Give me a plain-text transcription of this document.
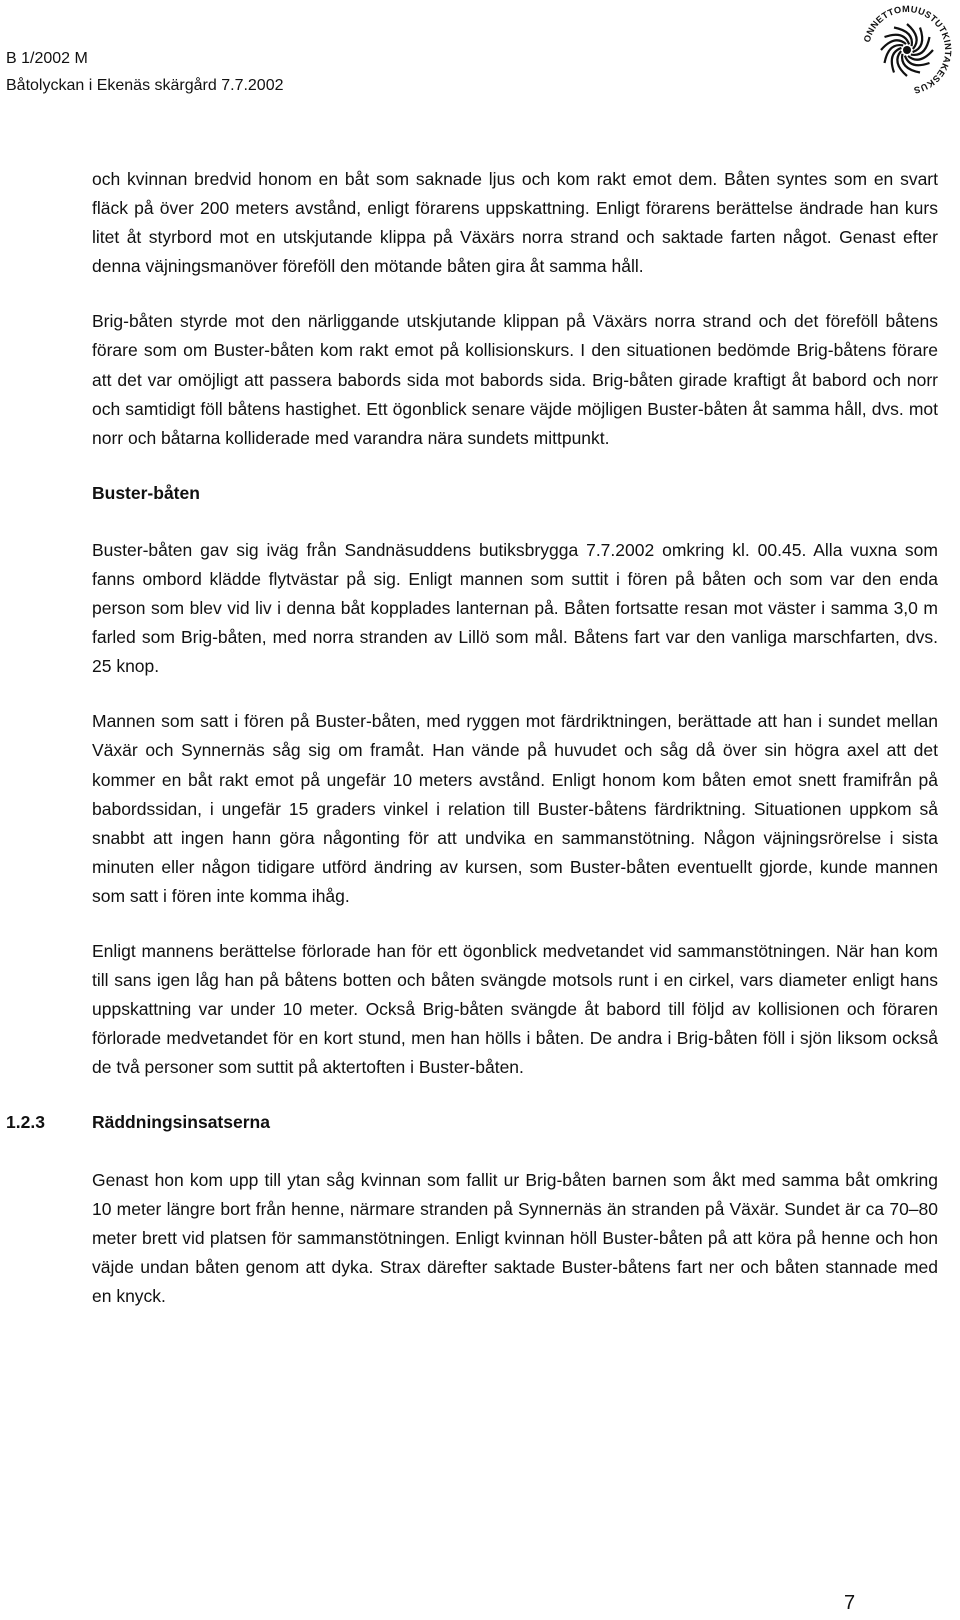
B 1/2002 M
Båtolyckan i Ekenäs skärgård 7.7.2002
ONNETTOMUUSTUTKINTAKESKUS

och kvinnan bredvid honom en båt som saknade ljus och kom rakt emot dem. Båten syntes som en svart fläck på över 200 meters avstånd, enligt förarens uppskattning. Enligt förarens berättelse ändrade han kurs litet åt styrbord mot en utskjutande klippa på Växärs norra strand och saktade farten något. Genast efter denna väjningsmanöver föreföll den mötande båten gira åt samma håll.

Brig-båten styrde mot den närliggande utskjutande klippan på Växärs norra strand och det föreföll båtens förare som om Buster-båten kom rakt emot på kollisionskurs. I den situationen bedömde Brig-båtens förare att det var omöjligt att passera babords sida mot babords sida. Brig-båten girade kraftigt åt babord och norr och samtidigt föll båtens hastighet. Ett ögonblick senare väjde möjligen Buster-båten åt samma håll, dvs. mot norr och båtarna kolliderade med varandra nära sundets mittpunkt.

Buster-båten

Buster-båten gav sig iväg från Sandnäsuddens butiksbrygga 7.7.2002 omkring kl. 00.45. Alla vuxna som fanns ombord klädde flytvästar på sig. Enligt mannen som suttit i fören på båten och som var den enda person som blev vid liv i denna båt kopplades lanternan på. Båten fortsatte resan mot väster i samma 3,0 m farled som Brig-båten, med norra stranden av Lillö som mål. Båtens fart var den vanliga marschfarten, dvs. 25 knop.

Mannen som satt i fören på Buster-båten, med ryggen mot färdriktningen, berättade att han i sundet mellan Växär och Synnernäs såg sig om framåt. Han vände på huvudet och såg då över sin högra axel att det kommer en båt rakt emot på ungefär 10 meters avstånd. Enligt honom kom båten emot snett framifrån på babordssidan, i ungefär 15 graders vinkel i relation till Buster-båtens färdriktning. Situationen uppkom så snabbt att ingen hann göra någonting för att undvika en sammanstötning. Någon väjningsrörelse i sista minuten eller någon tidigare utförd ändring av kursen, som Buster-båten eventuellt gjorde, kunde mannen som satt i fören inte komma ihåg.

Enligt mannens berättelse förlorade han för ett ögonblick medvetandet vid sammanstötningen. När han kom till sans igen låg han på båtens botten och båten svängde motsols runt i en cirkel, vars diameter enligt hans uppskattning var under 10 meter. Också Brig-båten svängde åt babord till följd av kollisionen och föraren förlorade medvetandet för en kort stund, men han hölls i båten. De andra i Brig-båten föll i sjön liksom också de två personer som suttit på aktertoften i Buster-båten.

1.2.3	Räddningsinsatserna

Genast hon kom upp till ytan såg kvinnan som fallit ur Brig-båten barnen som åkt med samma båt omkring 10 meter längre bort från henne, närmare stranden på Synnernäs än stranden på Växär. Sundet är ca 70–80 meter brett vid platsen för sammanstötningen. Enligt kvinnan höll Buster-båten på att köra på henne och hon väjde undan båten genom att dyka. Strax därefter saktade Buster-båtens fart ner och båten stannade med en knyck.

7
